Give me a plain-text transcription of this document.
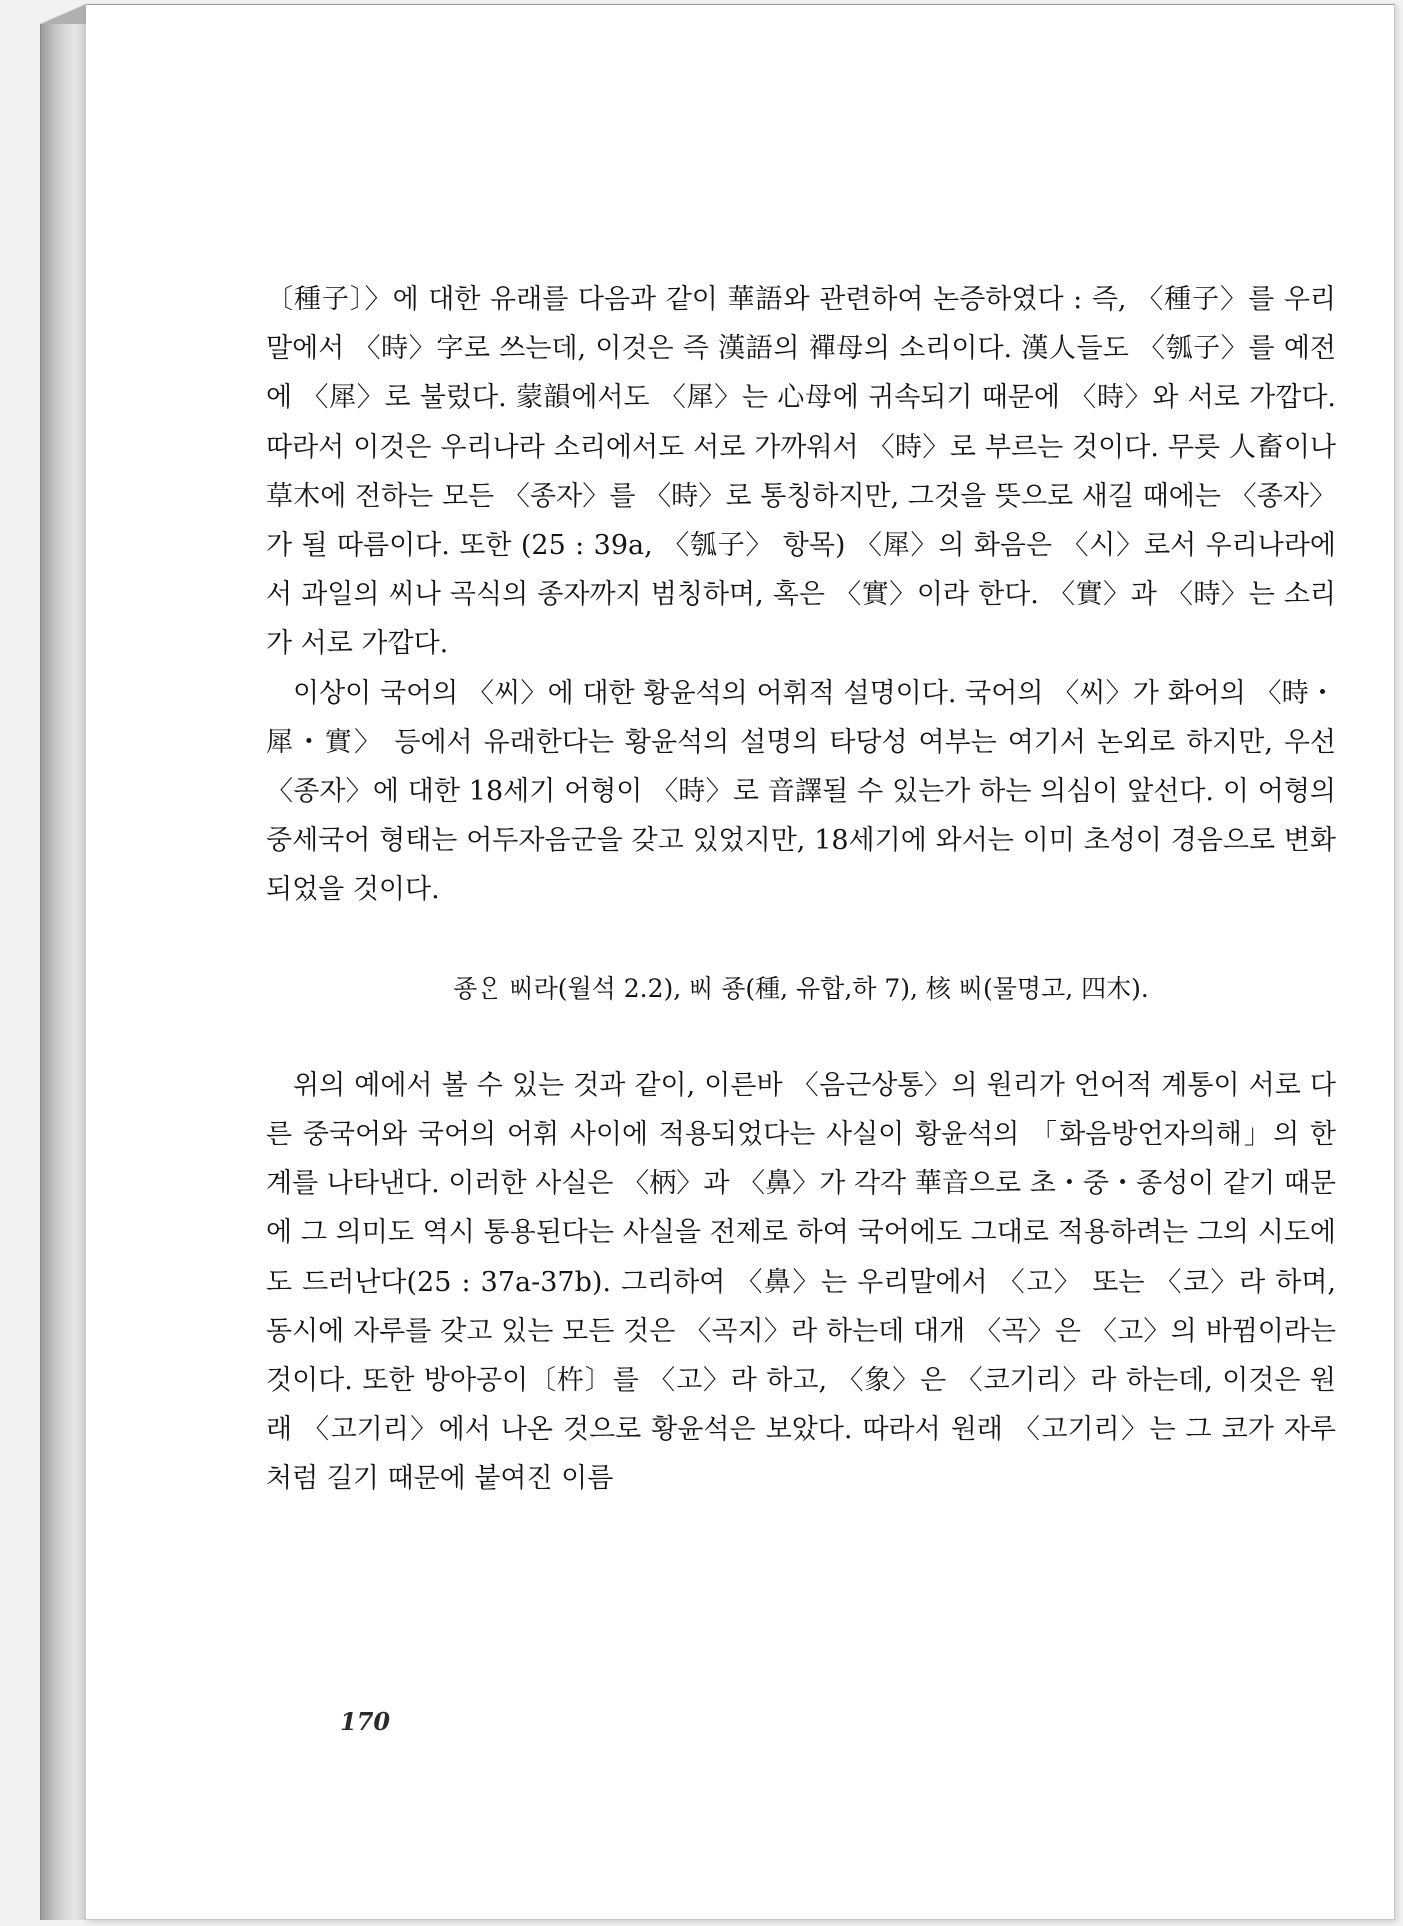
〔種子〕〉에 대한 유래를 다음과 같이 華語와 관련하여 논증하였다 : 즉, 〈種子〉를 우리 말에서 〈時〉字로 쓰는데, 이것은 즉 漢語의 禪母의 소리이다. 漢人들도 〈瓠子〉를 예전에 〈犀〉로 불렀다. 蒙韻에서도 〈犀〉는 心母에 귀속되기 때문에 〈時〉와 서로 가깝다. 따라서 이것은 우리나라 소리에서도 서로 가까워서 〈時〉로 부르는 것이다. 무릇 人畜이나 草木에 전하는 모든 〈종자〉를 〈時〉로 통칭하지만, 그것을 뜻으로 새길 때에는 〈종자〉가 될 따름이다. 또한 (25 : 39a, 〈瓠子〉 항목) 〈犀〉의 화음은 〈시〉로서 우리나라에서 과일의 씨나 곡식의 종자까지 범칭하며, 혹은 〈實〉이라 한다. 〈實〉과 〈時〉는 소리가 서로 가깝다.

이상이 국어의 〈씨〉에 대한 황윤석의 어휘적 설명이다. 국어의 〈씨〉가 화어의 〈時・犀・實〉 등에서 유래한다는 황윤석의 설명의 타당성 여부는 여기서 논외로 하지만, 우선 〈종자〉에 대한 18세기 어형이 〈時〉로 音譯될 수 있는가 하는 의심이 앞선다. 이 어형의 중세국어 형태는 어두자음군을 갖고 있었지만, 18세기에 와서는 이미 초성이 경음으로 변화되었을 것이다.

죵ᄋᆞᆫ ᄡᅵ라(월석 2.2), ᄡᅵ 죵(種, 유합,하 7), 核 ᄡᅵ(물명고, 四木).

위의 예에서 볼 수 있는 것과 같이, 이른바 〈음근상통〉의 원리가 언어적 계통이 서로 다른 중국어와 국어의 어휘 사이에 적용되었다는 사실이 황윤석의 「화음방언자의해」의 한계를 나타낸다. 이러한 사실은 〈柄〉과 〈鼻〉가 각각 華音으로 초・중・종성이 같기 때문에 그 의미도 역시 통용된다는 사실을 전제로 하여 국어에도 그대로 적용하려는 그의 시도에도 드러난다(25 : 37a-37b). 그리하여 〈鼻〉는 우리말에서 〈고〉 또는 〈코〉라 하며, 동시에 자루를 갖고 있는 모든 것은 〈곡지〉라 하는데 대개 〈곡〉은 〈고〉의 바뀜이라는 것이다. 또한 방아공이〔杵〕를 〈고〉라 하고, 〈象〉은 〈코기리〉라 하는데, 이것은 원래 〈고기리〉에서 나온 것으로 황윤석은 보았다. 따라서 원래 〈고기리〉는 그 코가 자루처럼 길기 때문에 붙여진 이름

170
